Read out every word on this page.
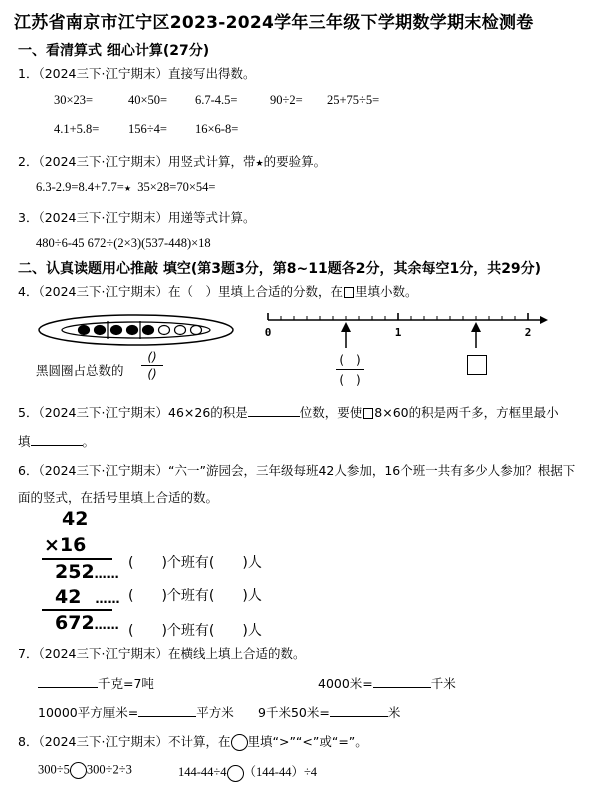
江苏省南京市江宁区2023-2024学年三年级下学期数学期末检测卷
一、看清算式 细心计算(27分)
1．（2024三下·江宁期末）直接写出得数。
30×23=	40×50= 6.7-4.5=	90÷2= 25+75÷5=
4.1+5.8= 156÷4= 16×6-8=
2．（2024三下·江宁期末）用竖式计算，带★的要验算。
6.3-2.9=8.4+7.7=★ 35×28=70×54=
3．（2024三下·江宁期末）用递等式计算。
480÷6-45 672÷(2×3)(537-448)×18
二、认真读题用心推敲 填空(第3题3分，第8~11题各2分，其余每空1分，共29分)
4．（2024三下·江宁期末）在（　）里填上合适的分数，在 里填小数。
黑圆圈占总数的
()
()
0	1	2
(　)
(　)
5．（2024三下·江宁期末）46×26的积是	位数，要使 8×60的积是两千多，方框里最小
填	。
6．（2024三下·江宁期末）“六一”游园会，三年级每班42人参加，16个班一共有多少人参加？根据下
面的竖式，在括号里填上合适的数。
42
×16
252……
42 ……
672……
(　　)个班有(　　)人
(　　)个班有(　　)人
(　　)个班有(　　)人
7．（2024三下·江宁期末）在横线上填上合适的数。
千克=7吨	4000米=	千米
10000平方厘米=	平方米 9千米50米=	米
8．（2024三下·江宁期末）不计算，在 里填“>”“<”或“=”。
300÷5 300÷2÷3	144-44÷4 （144-44）÷4
